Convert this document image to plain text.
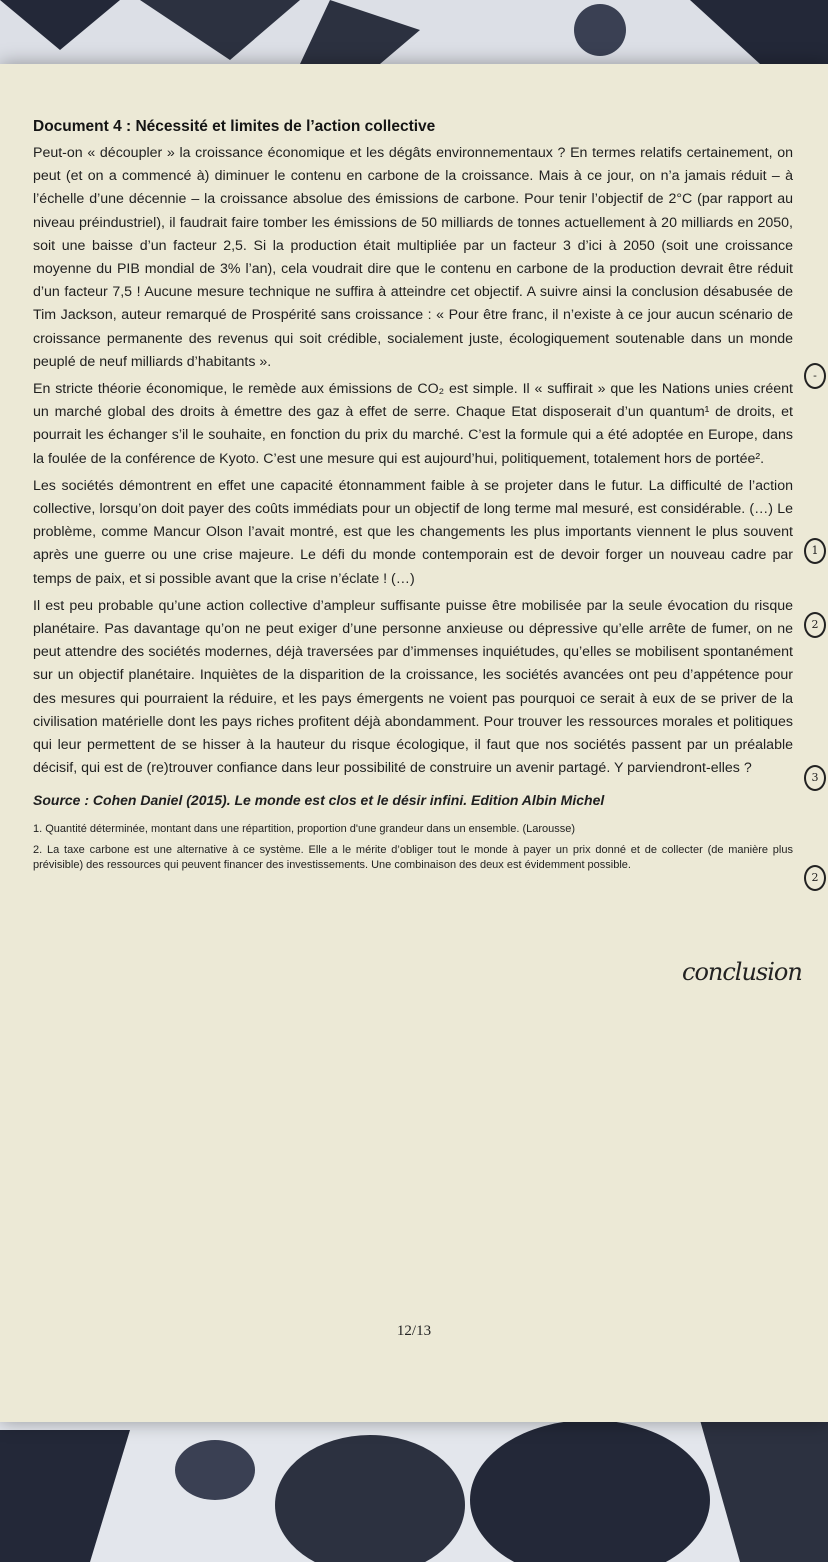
Document 4 : Nécessité et limites de l’action collective

Peut-on « découpler » la croissance économique et les dégâts environnementaux ? En termes relatifs certainement, on peut (et on a commencé à) diminuer le contenu en carbone de la croissance. Mais à ce jour, on n’a jamais réduit – à l’échelle d’une décennie – la croissance absolue des émissions de carbone. Pour tenir l’objectif de 2°C (par rapport au niveau préindustriel), il faudrait faire tomber les émissions de 50 milliards de tonnes actuellement à 20 milliards en 2050, soit une baisse d’un facteur 2,5. Si la production était multipliée par un facteur 3 d’ici à 2050 (soit une croissance moyenne du PIB mondial de 3% l’an), cela voudrait dire que le contenu en carbone de la production devrait être réduit d’un facteur 7,5 ! Aucune mesure technique ne suffira à atteindre cet objectif. A suivre ainsi la conclusion désabusée de Tim Jackson, auteur remarqué de Prospérité sans croissance : « Pour être franc, il n’existe à ce jour aucun scénario de croissance permanente des revenus qui soit crédible, socialement juste, écologiquement soutenable dans un monde peuplé de neuf milliards d’habitants ».

En stricte théorie économique, le remède aux émissions de CO₂ est simple. Il « suffirait » que les Nations unies créent un marché global des droits à émettre des gaz à effet de serre. Chaque Etat disposerait d’un quantum¹ de droits, et pourrait les échanger s’il le souhaite, en fonction du prix du marché. C’est la formule qui a été adoptée en Europe, dans la foulée de la conférence de Kyoto. C’est une mesure qui est aujourd’hui, politiquement, totalement hors de portée².

Les sociétés démontrent en effet une capacité étonnamment faible à se projeter dans le futur. La difficulté de l’action collective, lorsqu’on doit payer des coûts immédiats pour un objectif de long terme mal mesuré, est considérable. (…) Le problème, comme Mancur Olson l’avait montré, est que les changements les plus importants viennent le plus souvent après une guerre ou une crise majeure. Le défi du monde contemporain est de devoir forger un nouveau cadre par temps de paix, et si possible avant que la crise n’éclate ! (…)

Il est peu probable qu’une action collective d’ampleur suffisante puisse être mobilisée par la seule évocation du risque planétaire. Pas davantage qu’on ne peut exiger d’une personne anxieuse ou dépressive qu’elle arrête de fumer, on ne peut attendre des sociétés modernes, déjà traversées par d’immenses inquiétudes, qu’elles se mobilisent spontanément sur un objectif planétaire. Inquiètes de la disparition de la croissance, les sociétés avancées ont peu d’appétence pour des mesures qui pourraient la réduire, et les pays émergents ne voient pas pourquoi ce serait à eux de se priver de la civilisation matérielle dont les pays riches profitent déjà abondamment. Pour trouver les ressources morales et politiques qui leur permettent de se hisser à la hauteur du risque écologique, il faut que nos sociétés passent par un préalable décisif, qui est de (re)trouver confiance dans leur possibilité de construire un avenir partagé. Y parviendront-elles ?

Source : Cohen Daniel (2015). Le monde est clos et le désir infini. Edition Albin Michel

1. Quantité déterminée, montant dans une répartition, proportion d'une grandeur dans un ensemble. (Larousse)

2. La taxe carbone est une alternative à ce système. Elle a le mérite d’obliger tout le monde à payer un prix donné et de collecter (de manière plus prévisible) des ressources qui peuvent financer des investissements. Une combinaison des deux est évidemment possible.

12/13
-
1
2
3
2
conclusion
